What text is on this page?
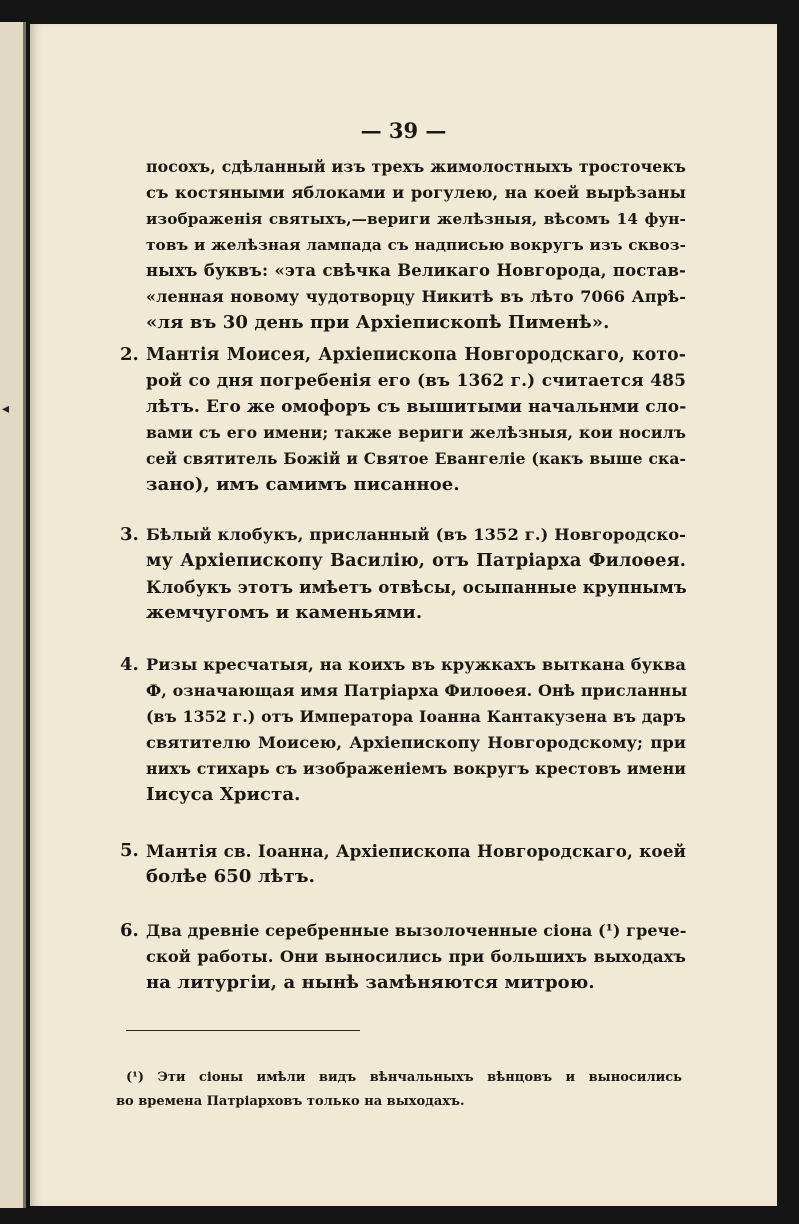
◂
— 39 —
посохъ, сдѣланный изъ трехъ жимолостныхъ тросточекъ
съ костяными яблоками и рогулею, на коей вырѣзаны
изображенія святыхъ,—вериги желѣзныя, вѣсомъ 14 фун-
товъ и желѣзная лампада съ надписью вокругъ изъ сквоз-
ныхъ буквъ: «эта свѣчка Великаго Новгорода, постав-
«ленная новому чудотворцу Никитѣ въ лѣто 7066 Апрѣ-
«ля въ 30 день при Архіепископѣ Пименѣ».
2. Мантія Моисея, Архіепископа Новгородскаго, кото-
рой со дня погребенія его (въ 1362 г.) считается 485
лѣтъ. Его же омофоръ съ вышитыми начальнми сло-
вами съ его имени; также вериги желѣзныя, кои носилъ
сей святитель Божій и Святое Евангеліе (какъ выше ска-
зано), имъ самимъ писанное.
3. Бѣлый клобукъ, присланный (въ 1352 г.) Новгородско-
му Архіепископу Василію, отъ Патріарха Филоѳея.
Клобукъ этотъ имѣетъ отвѣсы, осыпанные крупнымъ
жемчугомъ и каменьями.
4. Ризы кресчатыя, на коихъ въ кружкахъ выткана буква
Ф, означающая имя Патріарха Филоѳея. Онѣ присланны
(въ 1352 г.) отъ Императора Іоанна Кантакузена въ даръ
святителю Моисею, Архіепископу Новгородскому; при
нихъ стихарь съ изображеніемъ вокругъ крестовъ имени
Іисуса Христа.
5. Мантія св. Іоанна, Архіепископа Новгородскаго, коей
болѣе 650 лѣтъ.
6. Два древніе серебренные вызолоченные сіона (¹) грече-
ской работы. Они выносились при большихъ выходахъ
на литургіи, а нынѣ замѣняются митрою.
(¹) Эти сіоны имѣли видъ вѣнчальныхъ вѣнцовъ и выносились
во времена Патріарховъ только на выходахъ.
